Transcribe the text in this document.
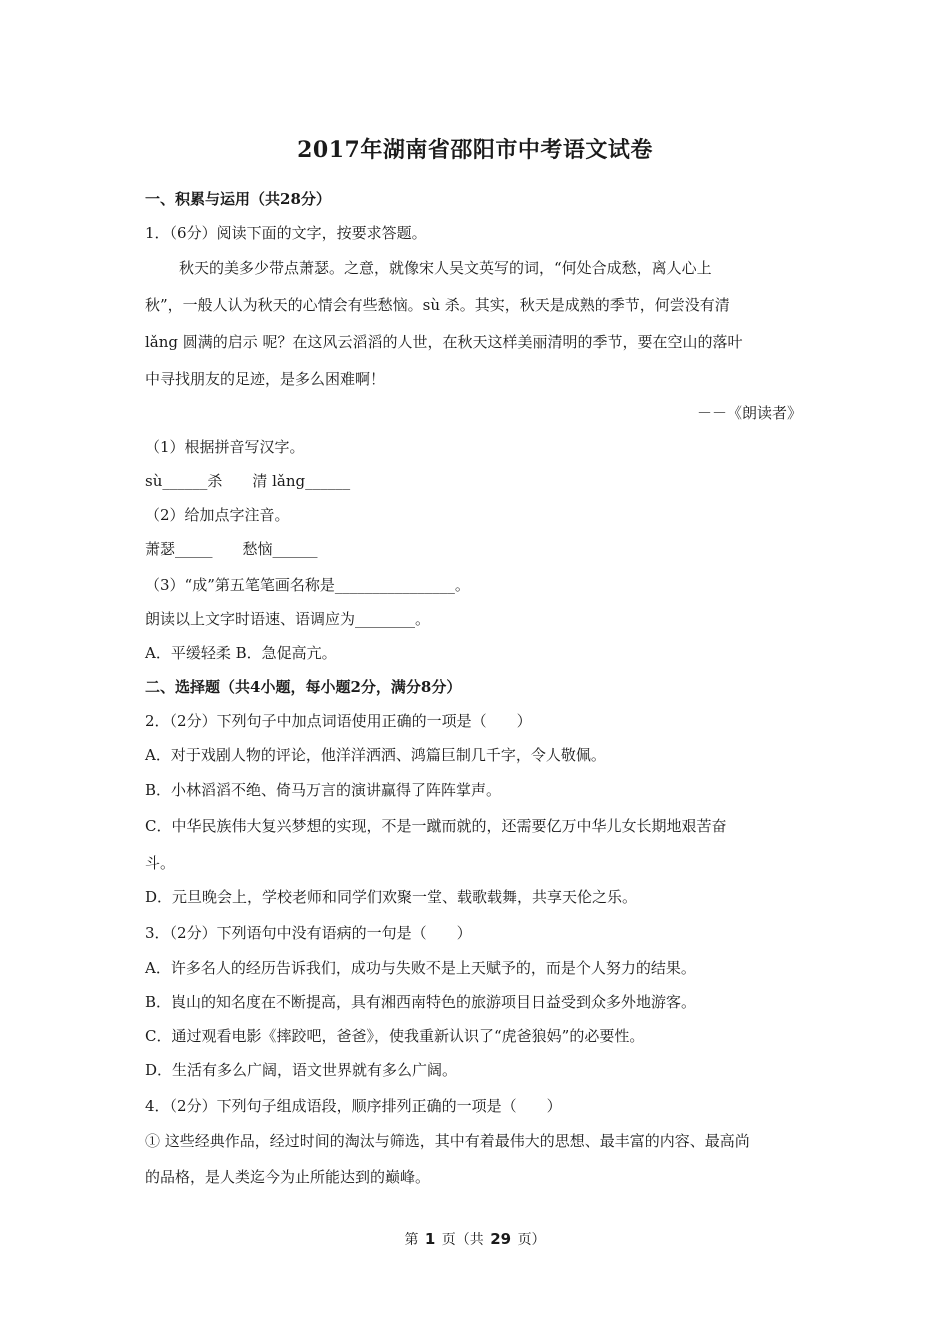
2017年湖南省邵阳市中考语文试卷
一、积累与运用（共28分）
1．（6分）阅读下面的文字，按要求答题。
秋天的美多少带点萧瑟。之意，就像宋人吴文英写的词，“何处合成愁，离人心上
秋”，一般人认为秋天的心情会有些愁恼。sù 杀。其实，秋天是成熟的季节，何尝没有清
lǎng 圆满的启示 呢？在这风云滔滔的人世，在秋天这样美丽清明的季节，要在空山的落叶
中寻找朋友的足迹，是多么困难啊！
－－《朗读者》
（1）根据拼音写汉字。
sù______杀　　清 lǎng______
（2）给加点字注音。
萧瑟_____　　愁恼______
（3）“成”第五笔笔画名称是________________。
朗读以上文字时语速、语调应为________。
A．平缓轻柔 B．急促高亢。
二、选择题（共4小题，每小题2分，满分8分）
2．（2分）下列句子中加点词语使用正确的一项是（　　）
A．对于戏剧人物的评论，他洋洋洒洒、鸿篇巨制几千字，令人敬佩。
B．小林滔滔不绝、倚马万言的演讲赢得了阵阵掌声。
C．中华民族伟大复兴梦想的实现，不是一蹴而就的，还需要亿万中华儿女长期地艰苦奋
斗。
D．元旦晚会上，学校老师和同学们欢聚一堂、载歌载舞，共享天伦之乐。
3．（2分）下列语句中没有语病的一句是（　　）
A．许多名人的经历告诉我们，成功与失败不是上天赋予的，而是个人努力的结果。
B．崀山的知名度在不断提高，具有湘西南特色的旅游项目日益受到众多外地游客。
C．通过观看电影《摔跤吧，爸爸》，使我重新认识了“虎爸狼妈”的必要性。
D．生活有多么广阔，语文世界就有多么广阔。
4．（2分）下列句子组成语段，顺序排列正确的一项是（　　）
① 这些经典作品，经过时间的淘汰与筛选，其中有着最伟大的思想、最丰富的内容、最高尚
的品格，是人类迄今为止所能达到的巅峰。
第 1 页（共 29 页）
